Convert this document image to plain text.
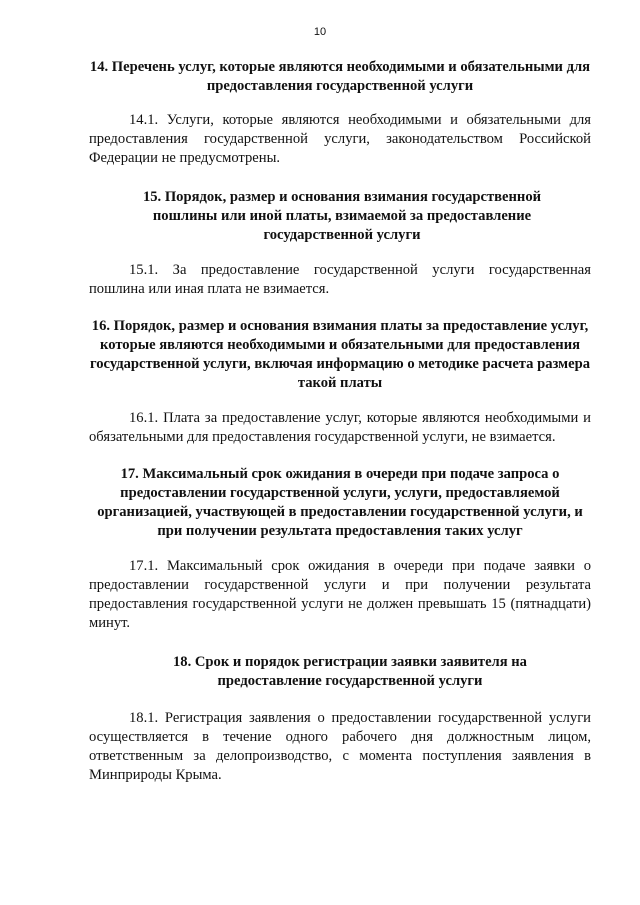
10

14. Перечень услуг, которые являются необходимыми и обязательными для предоставления государственной услуги

14.1. Услуги, которые являются необходимыми и обязательными для предоставления государственной услуги, законодательством Российской Федерации не предусмотрены.

15. Порядок, размер и основания взимания государственной пошлины или иной платы, взимаемой за предоставление государственной услуги

15.1. За предоставление государственной услуги государственная пошлина или иная плата не взимается.

16. Порядок, размер и основания взимания платы за предоставление услуг, которые являются необходимыми и обязательными для предоставления государственной услуги, включая информацию о методике расчета размера такой платы

16.1. Плата за предоставление услуг, которые являются необходимыми и обязательными для предоставления государственной услуги, не взимается.

17. Максимальный срок ожидания в очереди при подаче запроса о предоставлении государственной услуги, услуги, предоставляемой организацией, участвующей в предоставлении государственной услуги, и при получении результата предоставления таких услуг

17.1. Максимальный срок ожидания в очереди при подаче заявки о предоставлении государственной услуги и при получении результата предоставления государственной услуги не должен превышать 15 (пятнадцати) минут.

18. Срок и порядок регистрации заявки заявителя на предоставление государственной услуги

18.1. Регистрация заявления о предоставлении государственной услуги осуществляется в течение одного рабочего дня должностным лицом, ответственным за делопроизводство, с момента поступления заявления в Минприроды Крыма.
